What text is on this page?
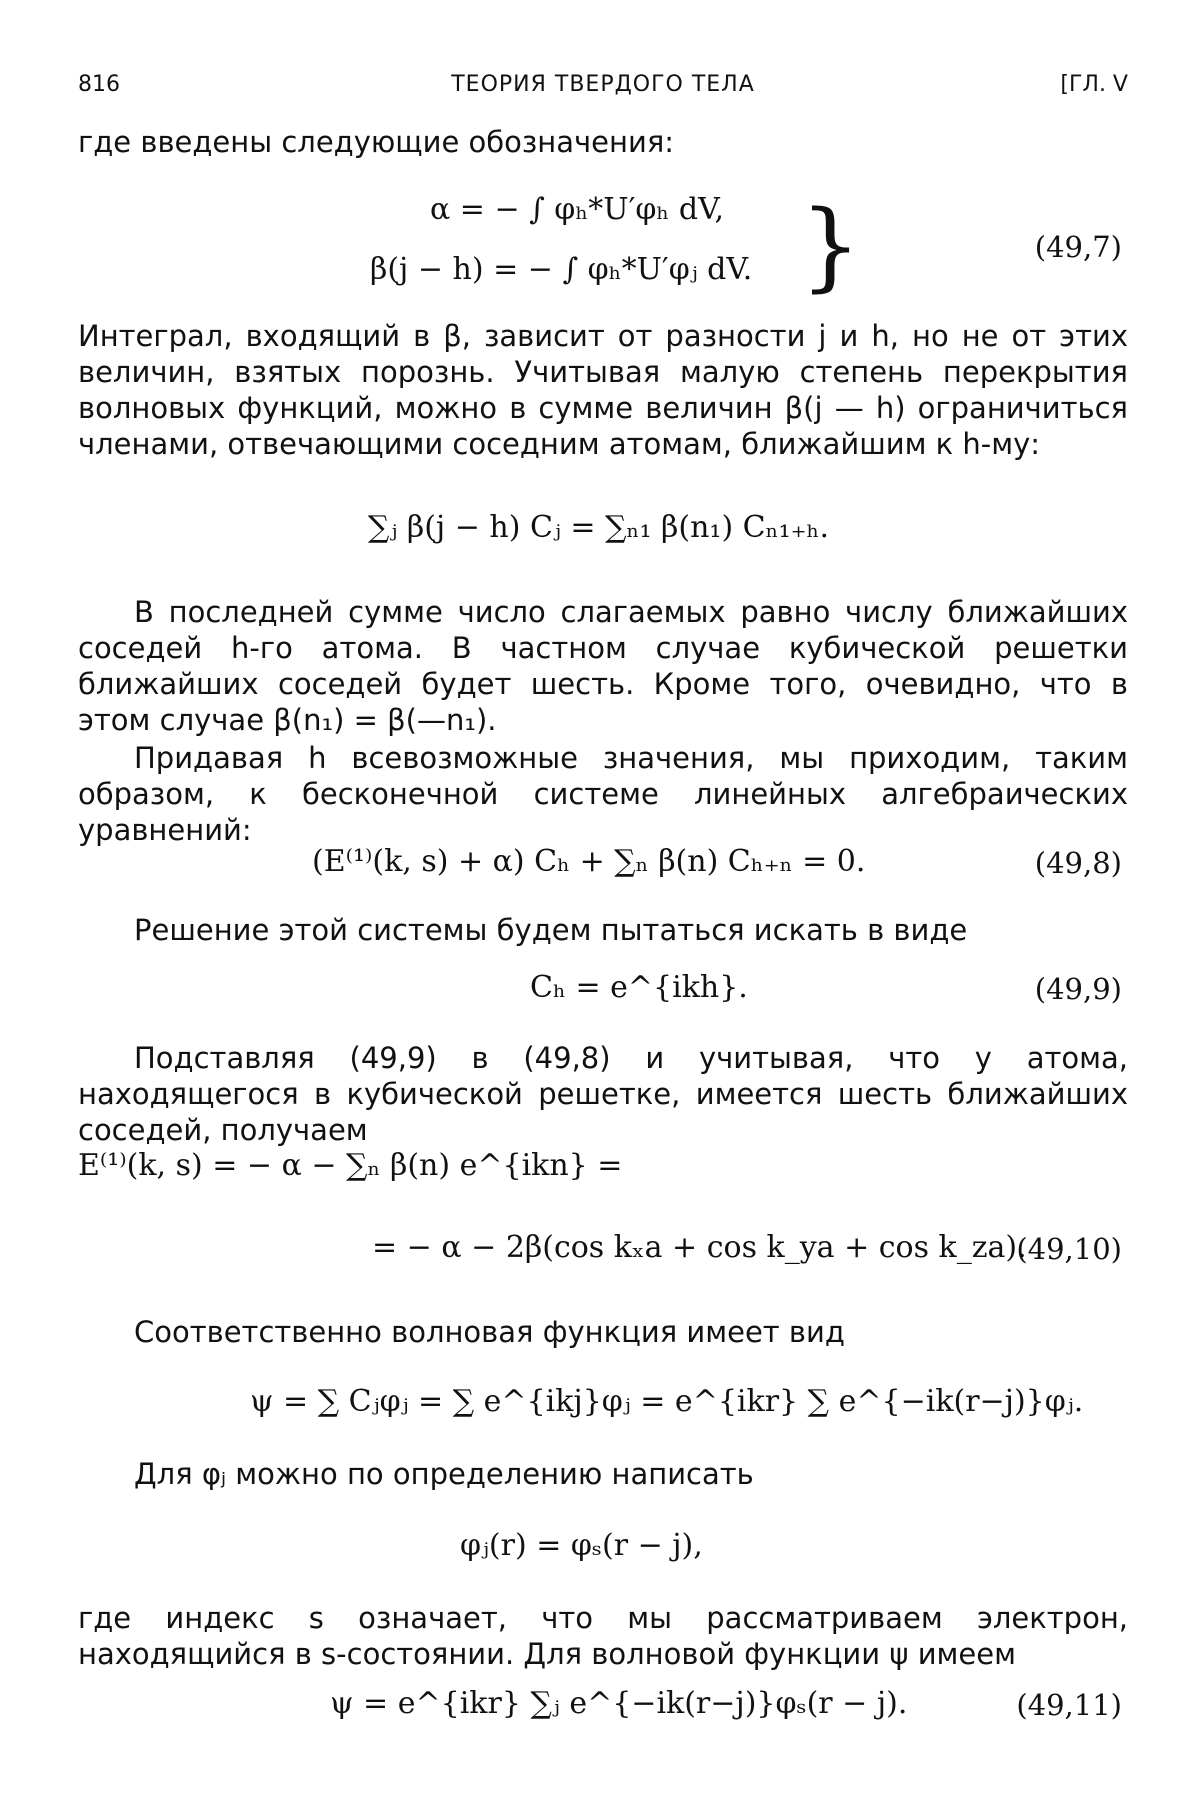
816	ТЕОРИЯ ТВЕРДОГО ТЕЛА	[ГЛ. V
где введены следующие обозначения:
α = − ∫ φₕ*U′φₕ dV,
β(j − h) = − ∫ φₕ*U′φⱼ dV. }	(49,7)
Интеграл, входящий в β, зависит от разности j и h, но не от этих величин, взятых порознь. Учитывая малую степень перекрытия волновых функций, можно в сумме величин β(j — h) ограничиться членами, отвечающими соседним атомам, ближайшим к h-му:
∑ⱼ β(j − h) Cⱼ = ∑ₙ₁ β(n₁) Cₙ₁₊ₕ.
В последней сумме число слагаемых равно числу ближайших соседей h-го атома. В частном случае кубической решетки ближайших соседей будет шесть. Кроме того, очевидно, что в этом случае β(n₁) = β(—n₁).
Придавая h всевозможные значения, мы приходим, таким образом, к бесконечной системе линейных алгебраических уравнений:
(E⁽¹⁾(k, s) + α) Cₕ + ∑ₙ β(n) Cₕ₊ₙ = 0.	(49,8)
Решение этой системы будем пытаться искать в виде
Cₕ = e^{ikh}.	(49,9)
Подставляя (49,9) в (49,8) и учитывая, что у атома, находящегося в кубической решетке, имеется шесть ближайших соседей, получаем
E⁽¹⁾(k, s) = − α − ∑ₙ β(n) e^{ikn} =
= − α − 2β(cos kₓa + cos k_ya + cos k_za).
(49,10)
Соответственно волновая функция имеет вид
ψ = ∑ Cⱼφⱼ = ∑ e^{ikj}φⱼ = e^{ikr} ∑ e^{−ik(r−j)}φⱼ.
Для φⱼ можно по определению написать
φⱼ(r) = φₛ(r − j),
где индекс s означает, что мы рассматриваем электрон, находящийся в s-состоянии. Для волновой функции ψ имеем
ψ = e^{ikr} ∑ⱼ e^{−ik(r−j)}φₛ(r − j).	(49,11)
